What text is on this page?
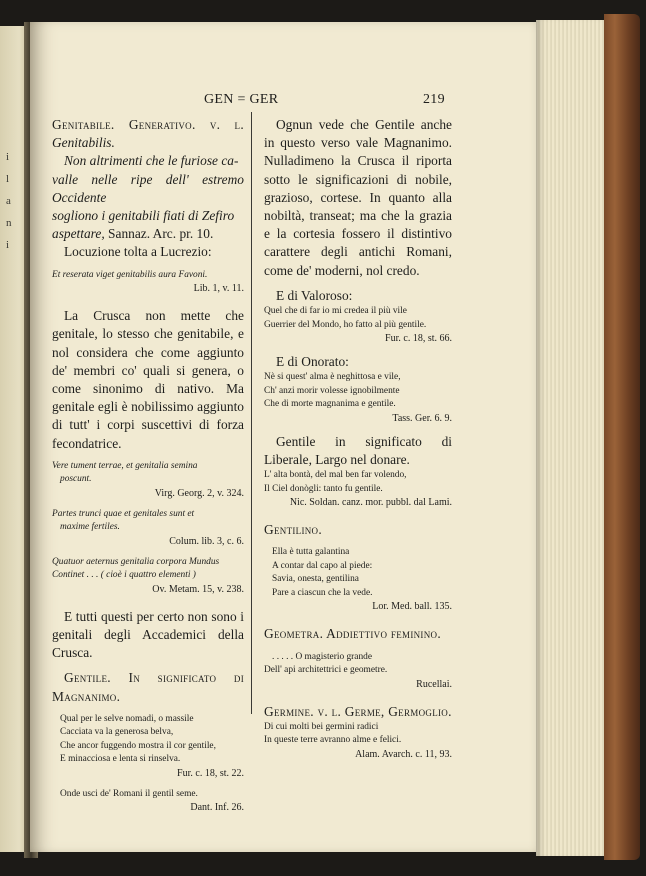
i
l
a
n
i
GEN = GER	219

Genitabile. Generativo. v. l. Genitabilis.

Non altrimenti che le furiose ca-

valle nelle ripe dell' estremo Occidente

sogliono i genitabili fiati di Zefiro

aspettare, Sannaz. Arc. pr. 10.

Locuzione tolta a Lucrezio:

Et reserata viget genitabilis aura Favoni.

Lib. 1, v. 11.

La Crusca non mette che genitale, lo stesso che genitabile, e nol considera che come aggiunto de' membri co' quali si genera, o come sinonimo di nativo. Ma genitale egli è nobilissimo aggiunto di tutt' i corpi suscettivi di forza fecondatrice.

Vere tument terrae, et genitalia semina

poscunt.

Virg. Georg. 2, v. 324.

Partes trunci quae et genitales sunt et

maxime fertiles.

Colum. lib. 3, c. 6.

Quatuor aeternus genitalia corpora Mundus

Continet . . . ( cioè i quattro elementi )

Ov. Metam. 15, v. 238.

E tutti questi per certo non sono i genitali degli Accademici della Crusca.

Gentile. In significato di Magnanimo.

Qual per le selve nomadi, o massile

Cacciata va la generosa belva,

Che ancor fuggendo mostra il cor gentile,

E minacciosa e lenta si rinselva.

Fur. c. 18, st. 22.

Onde usci de' Romani il gentil seme.

Dant. Inf. 26.

Ognun vede che Gentile anche in questo verso vale Magnanimo. Nulladimeno la Crusca il riporta sotto le significazioni di nobile, grazioso, cortese. In quanto alla nobiltà, transeat; ma che la grazia e la cortesia fossero il distintivo carattere degli antichi Romani, come de' moderni, nol credo.

E di Valoroso:

Quel che di far io mi credea il più vile

Guerrier del Mondo, ho fatto al più gentile.

Fur. c. 18, st. 66.

E di Onorato:

Nè si quest' alma è neghittosa e vile,

Ch' anzi morir volesse ignobilmente

Che di morte magnanima e gentile.

Tass. Ger. 6. 9.

Gentile in significato di Liberale, Largo nel donare.

L' alta bontà, del mal ben far volendo,

Il Ciel donògli: tanto fu gentile.

Nic. Soldan. canz. mor. pubbl. dal Lami.

Gentilino.

Ella è tutta galantina

A contar dal capo al piede:

Savia, onesta, gentilina

Pare a ciascun che la vede.

Lor. Med. ball. 135.

Geometra. Addiettivo feminino.

. . . . . O magisterio grande

Dell' api architettrici e geometre.

Rucellai.

Germine. v. l. Germe, Germoglio.

Di cui molti bei germini radici

In queste terre avranno alme e felici.

Alam. Avarch. c. 11, 93.
